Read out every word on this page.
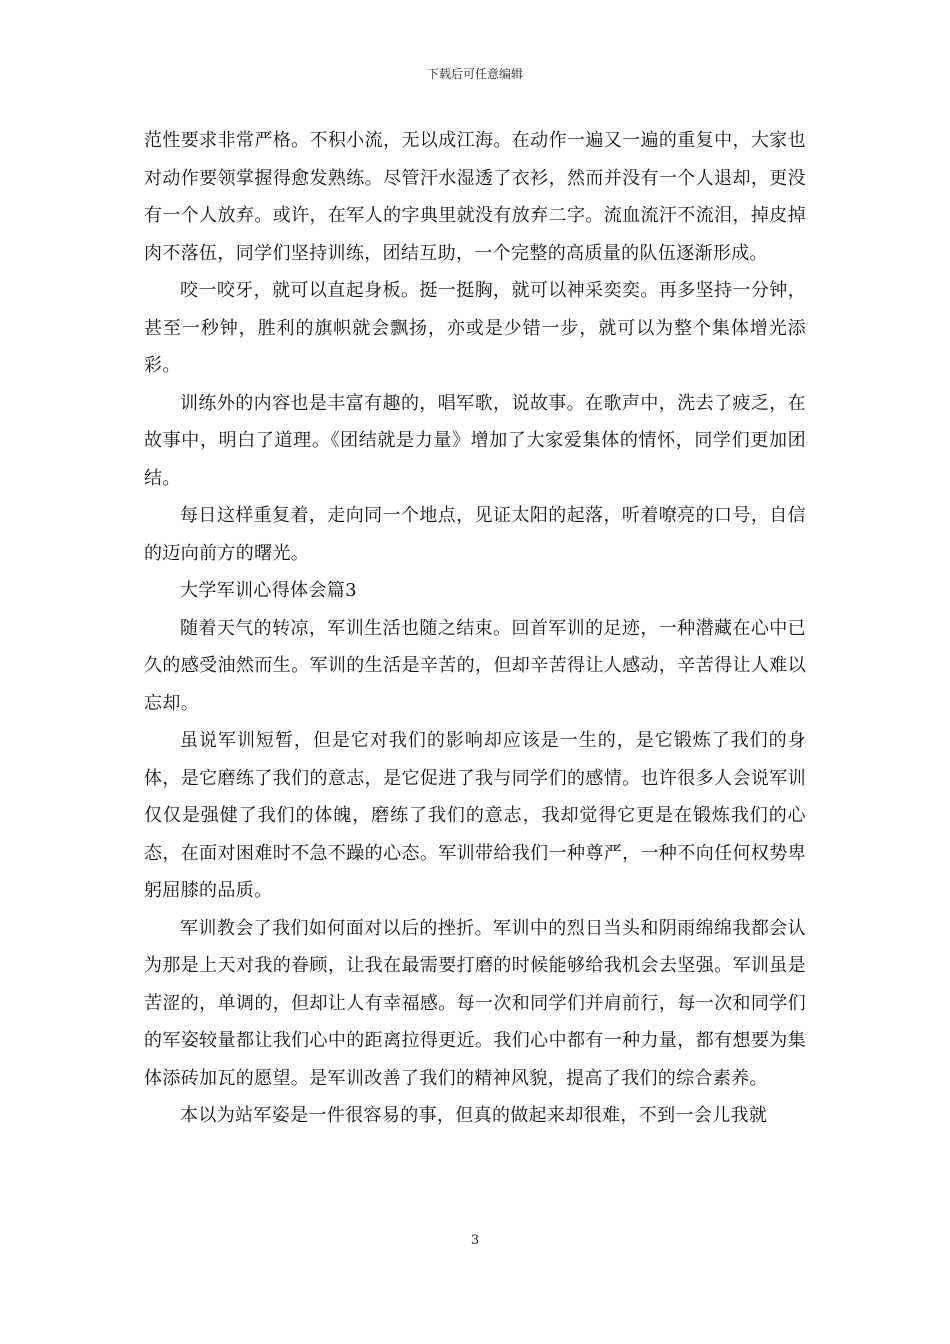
下载后可任意编辑

范性要求非常严格。不积小流，无以成江海。在动作一遍又一遍的重复中，大家也对动作要领掌握得愈发熟练。尽管汗水湿透了衣衫，然而并没有一个人退却，更没有一个人放弃。或许，在军人的字典里就没有放弃二字。流血流汗不流泪，掉皮掉肉不落伍，同学们坚持训练，团结互助，一个完整的高质量的队伍逐渐形成。

咬一咬牙，就可以直起身板。挺一挺胸，就可以神采奕奕。再多坚持一分钟，甚至一秒钟，胜利的旗帜就会飘扬，亦或是少错一步，就可以为整个集体增光添彩。

训练外的内容也是丰富有趣的，唱军歌，说故事。在歌声中，洗去了疲乏，在故事中，明白了道理。《团结就是力量》增加了大家爱集体的情怀，同学们更加团结。

每日这样重复着，走向同一个地点，见证太阳的起落，听着嘹亮的口号，自信的迈向前方的曙光。

大学军训心得体会篇3

随着天气的转凉，军训生活也随之结束。回首军训的足迹，一种潜藏在心中已久的感受油然而生。军训的生活是辛苦的，但却辛苦得让人感动，辛苦得让人难以忘却。

虽说军训短暂，但是它对我们的影响却应该是一生的，是它锻炼了我们的身体，是它磨练了我们的意志，是它促进了我与同学们的感情。也许很多人会说军训仅仅是强健了我们的体魄，磨练了我们的意志，我却觉得它更是在锻炼我们的心态，在面对困难时不急不躁的心态。军训带给我们一种尊严，一种不向任何权势卑躬屈膝的品质。

军训教会了我们如何面对以后的挫折。军训中的烈日当头和阴雨绵绵我都会认为那是上天对我的眷顾，让我在最需要打磨的时候能够给我机会去坚强。军训虽是苦涩的，单调的，但却让人有幸福感。每一次和同学们并肩前行，每一次和同学们的军姿较量都让我们心中的距离拉得更近。我们心中都有一种力量，都有想要为集体添砖加瓦的愿望。是军训改善了我们的精神风貌，提高了我们的综合素养。

本以为站军姿是一件很容易的事，但真的做起来却很难，不到一会儿我就

3
